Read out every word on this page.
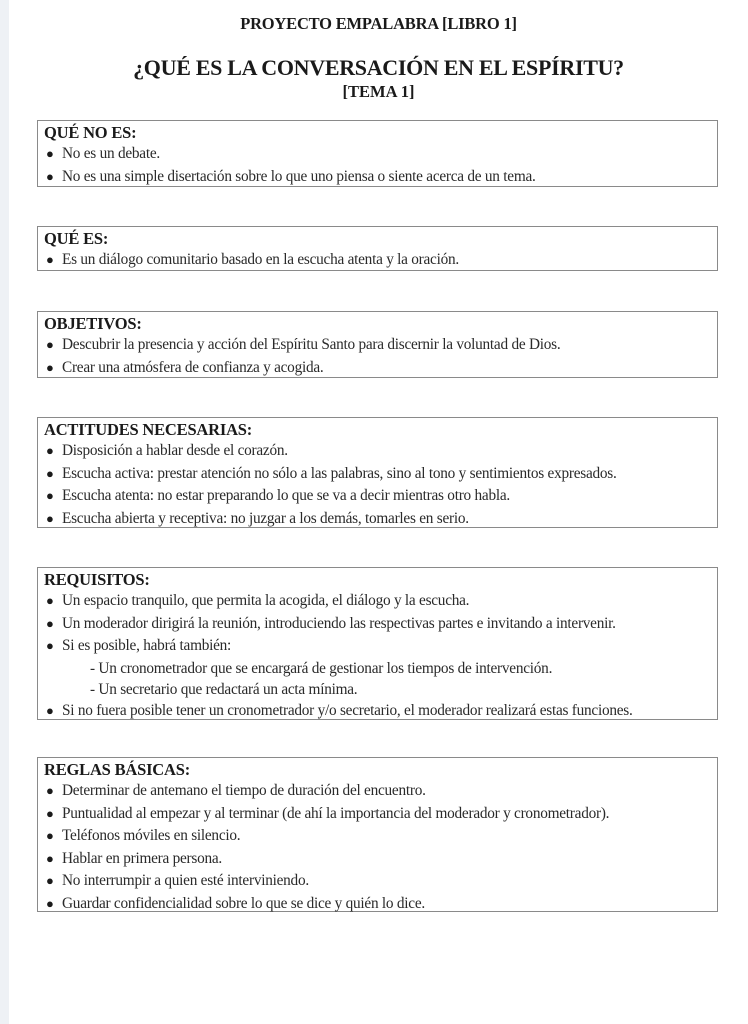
PROYECTO EMPALABRA [LIBRO 1]
¿QUÉ ES LA CONVERSACIÓN EN EL ESPÍRITU?
[TEMA 1]
QUÉ NO ES:
● No es un debate.
● No es una simple disertación sobre lo que uno piensa o siente acerca de un tema.
QUÉ ES:
● Es un diálogo comunitario basado en la escucha atenta y la oración.
OBJETIVOS:
● Descubrir la presencia y acción del Espíritu Santo para discernir la voluntad de Dios.
● Crear una atmósfera de confianza y acogida.
ACTITUDES NECESARIAS:
● Disposición a hablar desde el corazón.
● Escucha activa: prestar atención no sólo a las palabras, sino al tono y sentimientos expresados.
● Escucha atenta: no estar preparando lo que se va a decir mientras otro habla.
● Escucha abierta y receptiva: no juzgar a los demás, tomarles en serio.
REQUISITOS:
● Un espacio tranquilo, que permita la acogida, el diálogo y la escucha.
● Un moderador dirigirá la reunión, introduciendo las respectivas partes e invitando a intervenir.
● Si es posible, habrá también:
- Un cronometrador que se encargará de gestionar los tiempos de intervención.
- Un secretario que redactará un acta mínima.
● Si no fuera posible tener un cronometrador y/o secretario, el moderador realizará estas funciones.
REGLAS BÁSICAS:
● Determinar de antemano el tiempo de duración del encuentro.
● Puntualidad al empezar y al terminar (de ahí la importancia del moderador y cronometrador).
● Teléfonos móviles en silencio.
● Hablar en primera persona.
● No interrumpir a quien esté interviniendo.
● Guardar confidencialidad sobre lo que se dice y quién lo dice.
